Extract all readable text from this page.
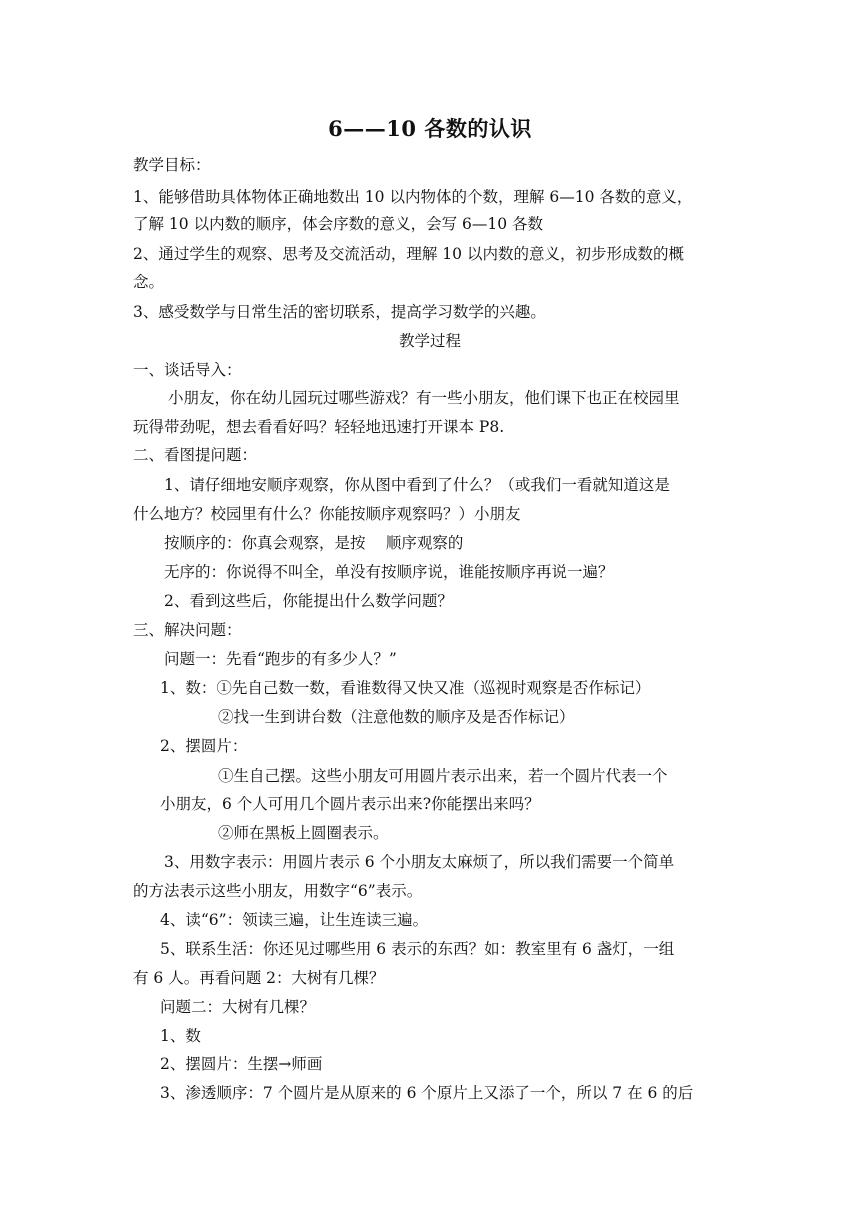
6——10 各数的认识
教学目标：
1、能够借助具体物体正确地数出 10 以内物体的个数，理解 6—10 各数的意义，
了解 10 以内数的顺序，体会序数的意义，会写 6—10 各数
2、通过学生的观察、思考及交流活动，理解 10 以内数的意义，初步形成数的概
念。
3、感受数学与日常生活的密切联系，提高学习数学的兴趣。
教学过程
一、谈话导入：
小朋友，你在幼儿园玩过哪些游戏？有一些小朋友，他们课下也正在校园里
玩得带劲呢，想去看看好吗？轻轻地迅速打开课本 P8.
二、看图提问题：
1、请仔细地安顺序观察，你从图中看到了什么？（或我们一看就知道这是
什么地方？校园里有什么？你能按顺序观察吗？）小朋友
按顺序的：你真会观察，是按　 顺序观察的
无序的：你说得不叫全，单没有按顺序说，谁能按顺序再说一遍？
2、看到这些后，你能提出什么数学问题？
三、解决问题：
问题一：先看“跑步的有多少人？”
1、数：①先自己数一数，看谁数得又快又准（巡视时观察是否作标记）
②找一生到讲台数（注意他数的顺序及是否作标记）
2、摆圆片：
①生自己摆。这些小朋友可用圆片表示出来，若一个圆片代表一个
小朋友，6 个人可用几个圆片表示出来?你能摆出来吗？
②师在黑板上圆圈表示。
3、用数字表示：用圆片表示 6 个小朋友太麻烦了，所以我们需要一个简单
的方法表示这些小朋友，用数字“6”表示。
4、读“6”：领读三遍，让生连读三遍。
5、联系生活：你还见过哪些用 6 表示的东西？如：教室里有 6 盏灯，一组
有 6 人。再看问题 2：大树有几棵？
问题二：大树有几棵？
1、数
2、摆圆片：生摆→师画
3、渗透顺序：7 个圆片是从原来的 6 个原片上又添了一个，所以 7 在 6 的后
